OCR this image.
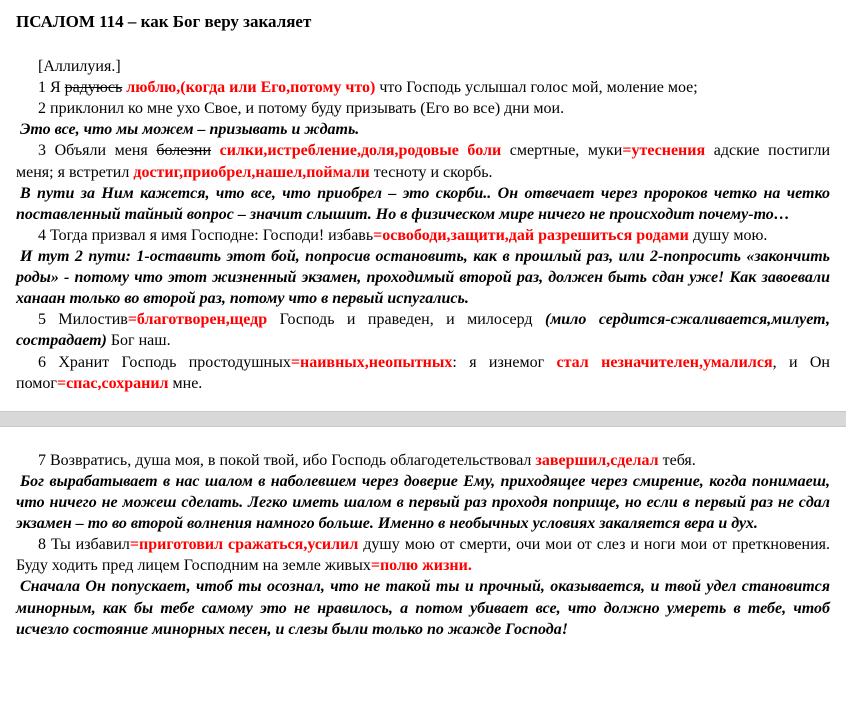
ПСАЛОМ 114 – как Бог веру закаляет

[Аллилуия.]

1 Я радуюсь люблю,(когда или Его,потому что) что Господь услышал голос мой, моление мое;

2 приклонил ко мне ухо Свое, и потому буду призывать (Его во все) дни мои.

Это все, что мы можем – призывать и ждать.

3 Объяли меня болезни силки,истребление,доля,родовые боли смертные, муки=утеснения адские постигли меня; я встретил достиг,приобрел,нашел,поймали тесноту и скорбь.

В пути за Ним кажется, что все, что приобрел – это скорби.. Он отвечает через пророков четко на четко поставленный тайный вопрос – значит слышит. Но в физическом мире ничего не происходит почему-то…

4 Тогда призвал я имя Господне: Господи! избавь=освободи,защити,дай разрешиться родами душу мою.

И тут 2 пути: 1-оставить этот бой, попросив остановить, как в прошлый раз, или 2-попросить «закончить роды» - потому что этот жизненный экзамен, проходимый второй раз, должен быть сдан уже! Как завоевали ханаан только во второй раз, потому что в первый испугались.

5 Милостив=благотворен,щедр Господь и праведен, и милосерд (мило сердится-сжаливается,милует, сострадает) Бог наш.

6 Хранит Господь простодушных=наивных,неопытных: я изнемог стал незначителен,умалился, и Он помог=спас,сохранил мне.

7 Возвратись, душа моя, в покой твой, ибо Господь облагодетельствовал завершил,сделал тебя.

Бог вырабатывает в нас шалом в наболевшем через доверие Ему, приходящее через смирение, когда понимаеш, что ничего не можеш сделать. Легко иметь шалом в первый раз проходя поприще, но если в первый раз не сдал экзамен – то во второй волнения намного больше. Именно в необычных условиях закаляется вера и дух.

8 Ты избавил=приготовил сражаться,усилил душу мою от смерти, очи мои от слез и ноги мои от преткновения. Буду ходить пред лицем Господним на земле живых=полю жизни.

Сначала Он попускает, чтоб ты осознал, что не такой ты и прочный, оказывается, и твой удел становится минорным, как бы тебе самому это не нравилось, а потом убивает все, что должно умереть в тебе, чтоб исчезло состояние минорных песен, и слезы были только по жажде Господа!
